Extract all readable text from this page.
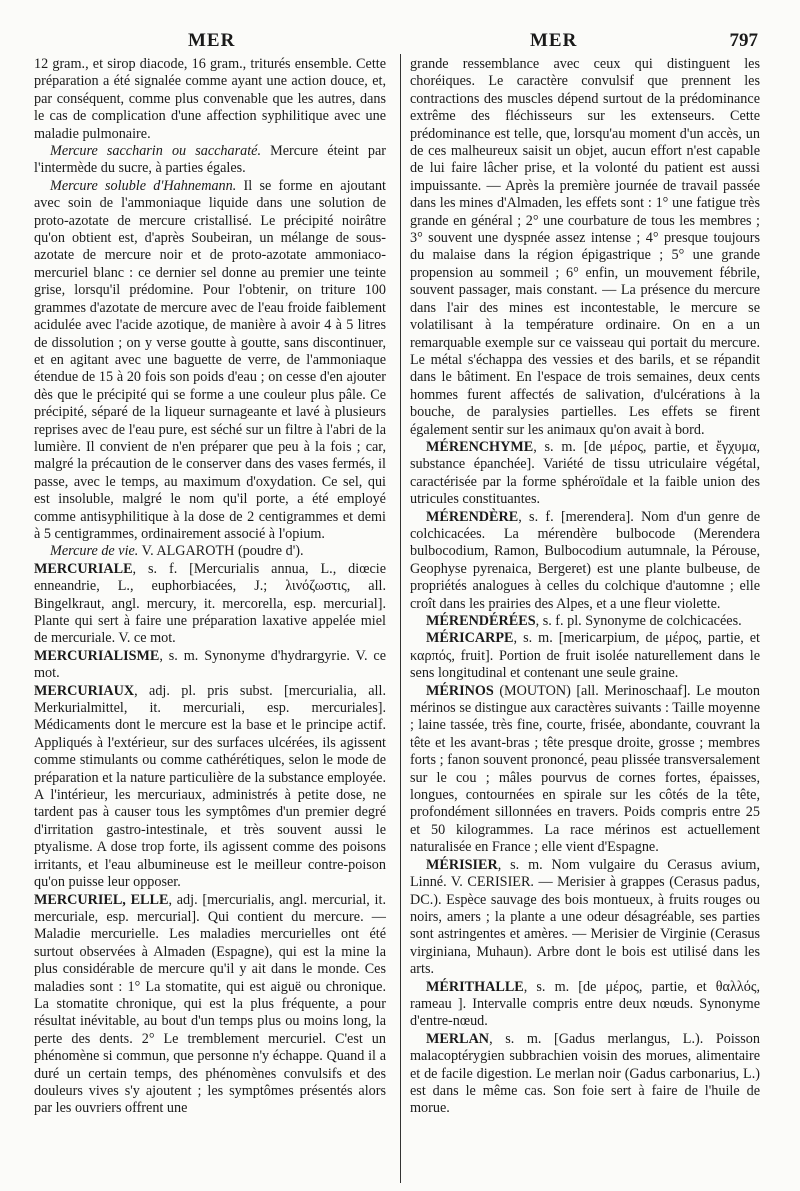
MER	MER	797

12 gram., et sirop diacode, 16 gram., triturés ensemble. Cette préparation a été signalée comme ayant une action douce, et, par conséquent, comme plus convenable que les autres, dans le cas de complication d'une affection syphilitique avec une maladie pulmonaire.

Mercure saccharin ou saccharaté. Mercure éteint par l'intermède du sucre, à parties égales.

Mercure soluble d'Hahnemann. Il se forme en ajoutant avec soin de l'ammoniaque liquide dans une solution de proto-azotate de mercure cristallisé. Le précipité noirâtre qu'on obtient est, d'après Soubeiran, un mélange de sous-azotate de mercure noir et de proto-azotate ammoniaco-mercuriel blanc : ce dernier sel donne au premier une teinte grise, lorsqu'il prédomine. Pour l'obtenir, on triture 100 grammes d'azotate de mercure avec de l'eau froide faiblement acidulée avec l'acide azotique, de manière à avoir 4 à 5 litres de dissolution ; on y verse goutte à goutte, sans discontinuer, et en agitant avec une baguette de verre, de l'ammoniaque étendue de 15 à 20 fois son poids d'eau ; on cesse d'en ajouter dès que le précipité qui se forme a une couleur plus pâle. Ce précipité, séparé de la liqueur surnageante et lavé à plusieurs reprises avec de l'eau pure, est séché sur un filtre à l'abri de la lumière. Il convient de n'en préparer que peu à la fois ; car, malgré la précaution de le conserver dans des vases fermés, il passe, avec le temps, au maximum d'oxydation. Ce sel, qui est insoluble, malgré le nom qu'il porte, a été employé comme antisyphilitique à la dose de 2 centigrammes et demi à 5 centigrammes, ordinairement associé à l'opium.

Mercure de vie. V. ALGAROTH (poudre d').

MERCURIALE, s. f. [Mercurialis annua, L., diœcie enneandrie, L., euphorbiacées, J.; λινόζωστις, all. Bingelkraut, angl. mercury, it. mercorella, esp. mercurial]. Plante qui sert à faire une préparation laxative appelée miel de mercuriale. V. ce mot.

MERCURIALISME, s. m. Synonyme d'hydrargyrie. V. ce mot.

MERCURIAUX, adj. pl. pris subst. [mercurialia, all. Merkurialmittel, it. mercuriali, esp. mercuriales]. Médicaments dont le mercure est la base et le principe actif. Appliqués à l'extérieur, sur des surfaces ulcérées, ils agissent comme stimulants ou comme cathérétiques, selon le mode de préparation et la nature particulière de la substance employée. A l'intérieur, les mercuriaux, administrés à petite dose, ne tardent pas à causer tous les symptômes d'un premier degré d'irritation gastro-intestinale, et très souvent aussi le ptyalisme. A dose trop forte, ils agissent comme des poisons irritants, et l'eau albumineuse est le meilleur contre-poison qu'on puisse leur opposer.

MERCURIEL, ELLE, adj. [mercurialis, angl. mercurial, it. mercuriale, esp. mercurial]. Qui contient du mercure. — Maladie mercurielle. Les maladies mercurielles ont été surtout observées à Almaden (Espagne), qui est la mine la plus considérable de mercure qu'il y ait dans le monde. Ces maladies sont : 1° La stomatite, qui est aiguë ou chronique. La stomatite chronique, qui est la plus fréquente, a pour résultat inévitable, au bout d'un temps plus ou moins long, la perte des dents. 2° Le tremblement mercuriel. C'est un phénomène si commun, que personne n'y échappe. Quand il a duré un certain temps, des phénomènes convulsifs et des douleurs vives s'y ajoutent ; les symptômes présentés alors par les ouvriers offrent une

grande ressemblance avec ceux qui distinguent les choréiques. Le caractère convulsif que prennent les contractions des muscles dépend surtout de la prédominance extrême des fléchisseurs sur les extenseurs. Cette prédominance est telle, que, lorsqu'au moment d'un accès, un de ces malheureux saisit un objet, aucun effort n'est capable de lui faire lâcher prise, et la volonté du patient est aussi impuissante. — Après la première journée de travail passée dans les mines d'Almaden, les effets sont : 1° une fatigue très grande en général ; 2° une courbature de tous les membres ; 3° souvent une dyspnée assez intense ; 4° presque toujours du malaise dans la région épigastrique ; 5° une grande propension au sommeil ; 6° enfin, un mouvement fébrile, souvent passager, mais constant. — La présence du mercure dans l'air des mines est incontestable, le mercure se volatilisant à la température ordinaire. On en a un remarquable exemple sur ce vaisseau qui portait du mercure. Le métal s'échappa des vessies et des barils, et se répandit dans le bâtiment. En l'espace de trois semaines, deux cents hommes furent affectés de salivation, d'ulcérations à la bouche, de paralysies partielles. Les effets se firent également sentir sur les animaux qu'on avait à bord.

MÉRENCHYME, s. m. [de μέρος, partie, et ἔγχυμα, substance épanchée]. Variété de tissu utriculaire végétal, caractérisée par la forme sphéroïdale et la faible union des utricules constituantes.

MÉRENDÈRE, s. f. [merendera]. Nom d'un genre de colchicacées. La mérendère bulbocode (Merendera bulbocodium, Ramon, Bulbocodium autumnale, la Pérouse, Geophyse pyrenaica, Bergeret) est une plante bulbeuse, de propriétés analogues à celles du colchique d'automne ; elle croît dans les prairies des Alpes, et a une fleur violette.

MÉRENDÉRÉES, s. f. pl. Synonyme de colchicacées.

MÉRICARPE, s. m. [mericarpium, de μέρος, partie, et καρπός, fruit]. Portion de fruit isolée naturellement dans le sens longitudinal et contenant une seule graine.

MÉRINOS (MOUTON) [all. Merinoschaaf]. Le mouton mérinos se distingue aux caractères suivants : Taille moyenne ; laine tassée, très fine, courte, frisée, abondante, couvrant la tête et les avant-bras ; tête presque droite, grosse ; membres forts ; fanon souvent prononcé, peau plissée transversalement sur le cou ; mâles pourvus de cornes fortes, épaisses, longues, contournées en spirale sur les côtés de la tête, profondément sillonnées en travers. Poids compris entre 25 et 50 kilogrammes. La race mérinos est actuellement naturalisée en France ; elle vient d'Espagne.

MÉRISIER, s. m. Nom vulgaire du Cerasus avium, Linné. V. CERISIER. — Merisier à grappes (Cerasus padus, DC.). Espèce sauvage des bois montueux, à fruits rouges ou noirs, amers ; la plante a une odeur désagréable, ses parties sont astringentes et amères. — Merisier de Virginie (Cerasus virginiana, Muhaun). Arbre dont le bois est utilisé dans les arts.

MÉRITHALLE, s. m. [de μέρος, partie, et θαλλός, rameau ]. Intervalle compris entre deux nœuds. Synonyme d'entre-nœud.

MERLAN, s. m. [Gadus merlangus, L.). Poisson malacoptérygien subbrachien voisin des morues, alimentaire et de facile digestion. Le merlan noir (Gadus carbonarius, L.) est dans le même cas. Son foie sert à faire de l'huile de morue.
